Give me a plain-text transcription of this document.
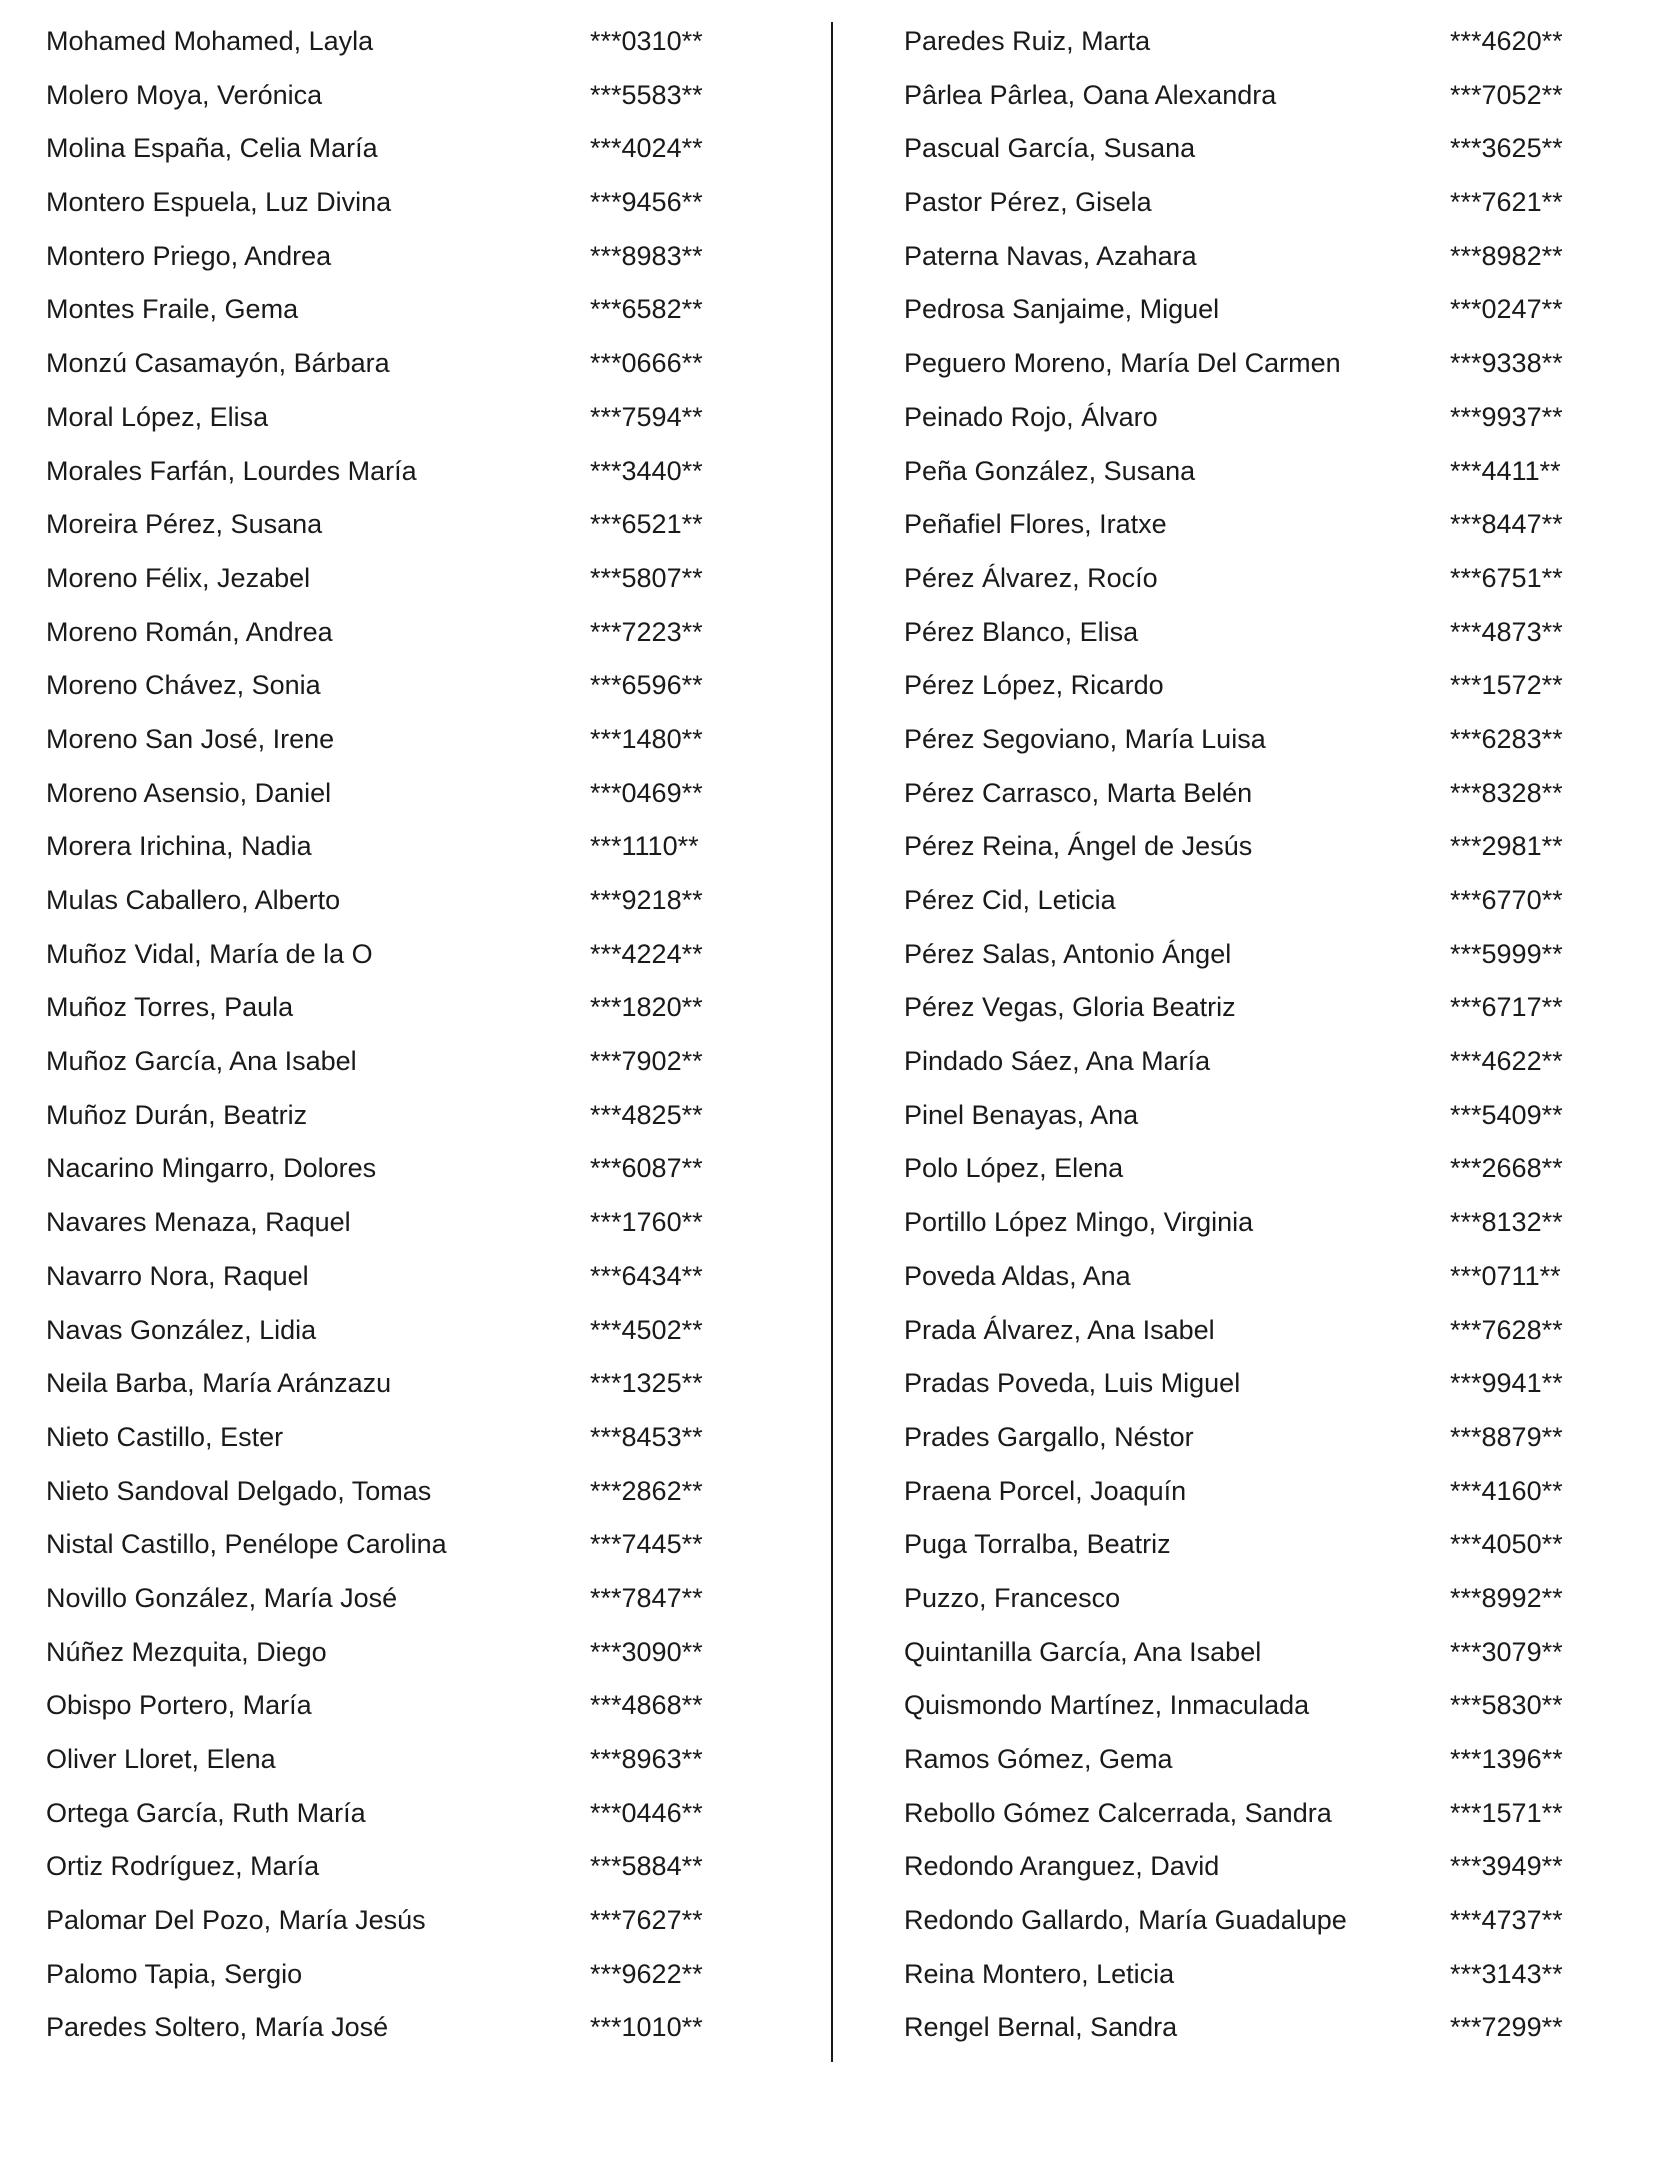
Mohamed Mohamed, Layla	***0310**
Molero Moya, Verónica	***5583**
Molina España, Celia María	***4024**
Montero Espuela, Luz Divina	***9456**
Montero Priego, Andrea	***8983**
Montes Fraile, Gema	***6582**
Monzú Casamayón, Bárbara	***0666**
Moral López, Elisa	***7594**
Morales Farfán, Lourdes María	***3440**
Moreira Pérez, Susana	***6521**
Moreno Félix, Jezabel	***5807**
Moreno Román, Andrea	***7223**
Moreno Chávez, Sonia	***6596**
Moreno San José, Irene	***1480**
Moreno Asensio, Daniel	***0469**
Morera Irichina, Nadia	***1110**
Mulas Caballero, Alberto	***9218**
Muñoz Vidal, María de la O	***4224**
Muñoz Torres, Paula	***1820**
Muñoz García, Ana Isabel	***7902**
Muñoz Durán, Beatriz	***4825**
Nacarino Mingarro, Dolores	***6087**
Navares Menaza, Raquel	***1760**
Navarro Nora, Raquel	***6434**
Navas González, Lidia	***4502**
Neila Barba, María Aránzazu	***1325**
Nieto Castillo, Ester	***8453**
Nieto Sandoval Delgado, Tomas	***2862**
Nistal Castillo, Penélope Carolina	***7445**
Novillo González, María José	***7847**
Núñez Mezquita, Diego	***3090**
Obispo Portero, María	***4868**
Oliver Lloret, Elena	***8963**
Ortega García, Ruth María	***0446**
Ortiz Rodríguez, María	***5884**
Palomar Del Pozo, María Jesús	***7627**
Palomo Tapia, Sergio	***9622**
Paredes Soltero, María José	***1010**
Paredes Ruiz, Marta	***4620**
Pârlea Pârlea, Oana Alexandra	***7052**
Pascual García, Susana	***3625**
Pastor Pérez, Gisela	***7621**
Paterna Navas, Azahara	***8982**
Pedrosa Sanjaime, Miguel	***0247**
Peguero Moreno, María Del Carmen	***9338**
Peinado Rojo, Álvaro	***9937**
Peña González, Susana	***4411**
Peñafiel Flores, Iratxe	***8447**
Pérez Álvarez, Rocío	***6751**
Pérez Blanco, Elisa	***4873**
Pérez López, Ricardo	***1572**
Pérez Segoviano, María Luisa	***6283**
Pérez Carrasco, Marta Belén	***8328**
Pérez Reina, Ángel de Jesús	***2981**
Pérez Cid, Leticia	***6770**
Pérez Salas, Antonio Ángel	***5999**
Pérez Vegas, Gloria Beatriz	***6717**
Pindado Sáez, Ana María	***4622**
Pinel Benayas, Ana	***5409**
Polo López, Elena	***2668**
Portillo López Mingo, Virginia	***8132**
Poveda Aldas, Ana	***0711**
Prada Álvarez, Ana Isabel	***7628**
Pradas Poveda, Luis Miguel	***9941**
Prades Gargallo, Néstor	***8879**
Praena Porcel, Joaquín	***4160**
Puga Torralba, Beatriz	***4050**
Puzzo, Francesco	***8992**
Quintanilla García, Ana Isabel	***3079**
Quismondo Martínez, Inmaculada	***5830**
Ramos Gómez, Gema	***1396**
Rebollo Gómez Calcerrada, Sandra	***1571**
Redondo Aranguez, David	***3949**
Redondo Gallardo, María Guadalupe	***4737**
Reina Montero, Leticia	***3143**
Rengel Bernal, Sandra	***7299**
